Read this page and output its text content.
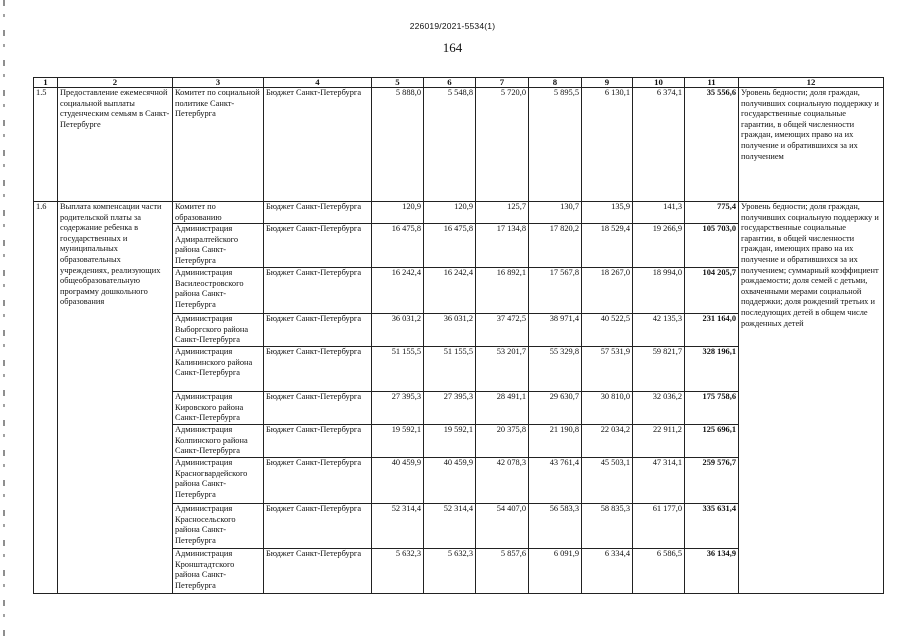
226019/2021-5534(1)
164
1	2	3	4	5	6	7	8	9	10	11	12
1.5	Предоставление ежемесячной социальной выплаты студенческим семьям в Санкт-Петербурге	Комитет по социальной политике Санкт-Петербурга	Бюджет Санкт-Петербурга	5 888,0	5 548,8	5 720,0	5 895,5	6 130,1	6 374,1	35 556,6	Уровень бедности; доля граждан, получивших социальную поддержку и государственные социальные гарантии, в общей численности граждан, имеющих право на их получение и обратившихся за их получением
1.6	Выплата компенсации части родительской платы за содержание ребенка в государственных и муниципальных образовательных учреждениях, реализующих общеобразовательную программу дошкольного образования	Комитет по образованию	Бюджет Санкт-Петербурга	120,9	120,9	125,7	130,7	135,9	141,3	775,4	Уровень бедности; доля граждан, получивших социальную поддержку и государственные социальные гарантии, в общей численности граждан, имеющих право на их получение и обратившихся за их получением; суммарный коэффициент рождаемости; доля семей с детьми, охваченными мерами социальной поддержки; доля рождений третьих и последующих детей в общем числе рожденных детей
		Администрация Адмиралтейского района Санкт-Петербурга	Бюджет Санкт-Петербурга	16 475,8	16 475,8	17 134,8	17 820,2	18 529,4	19 266,9	105 703,0	
		Администрация Василеостровского района Санкт-Петербурга	Бюджет Санкт-Петербурга	16 242,4	16 242,4	16 892,1	17 567,8	18 267,0	18 994,0	104 205,7	
		Администрация Выборгского района Санкт-Петербурга	Бюджет Санкт-Петербурга	36 031,2	36 031,2	37 472,5	38 971,4	40 522,5	42 135,3	231 164,0	
		Администрация Калининского района Санкт-Петербурга	Бюджет Санкт-Петербурга	51 155,5	51 155,5	53 201,7	55 329,8	57 531,9	59 821,7	328 196,1	
		Администрация Кировского района Санкт-Петербурга	Бюджет Санкт-Петербурга	27 395,3	27 395,3	28 491,1	29 630,7	30 810,0	32 036,2	175 758,6	
		Администрация Колпинского района Санкт-Петербурга	Бюджет Санкт-Петербурга	19 592,1	19 592,1	20 375,8	21 190,8	22 034,2	22 911,2	125 696,1	
		Администрация Красногвардейского района Санкт-Петербурга	Бюджет Санкт-Петербурга	40 459,9	40 459,9	42 078,3	43 761,4	45 503,1	47 314,1	259 576,7	
		Администрация Красносельского района Санкт-Петербурга	Бюджет Санкт-Петербурга	52 314,4	52 314,4	54 407,0	56 583,3	58 835,3	61 177,0	335 631,4	
		Администрация Кронштадтского района Санкт-Петербурга	Бюджет Санкт-Петербурга	5 632,3	5 632,3	5 857,6	6 091,9	6 334,4	6 586,5	36 134,9	
